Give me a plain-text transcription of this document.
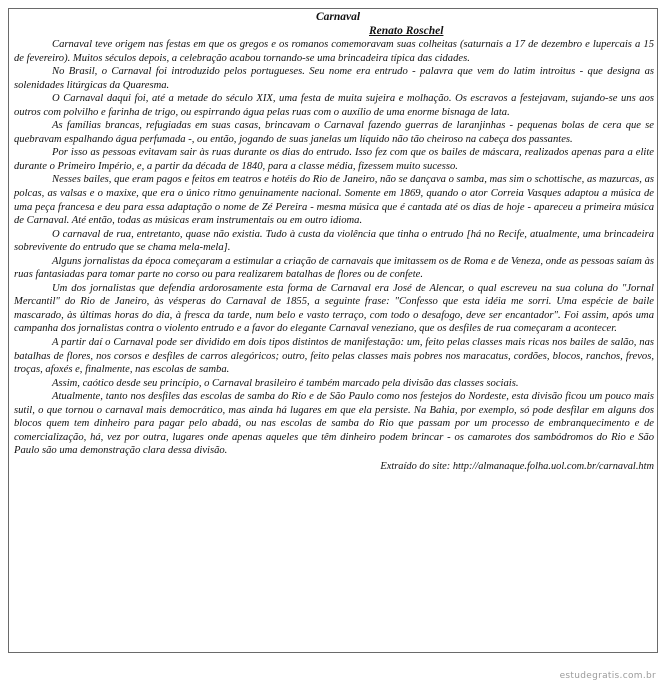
Carnaval

Renato Roschel

Carnaval teve origem nas festas em que os gregos e os romanos comemoravam suas colheitas (saturnais a 17 de dezembro e lupercais a 15 de fevereiro). Muitos séculos depois, a celebração acabou tornando-se uma brincadeira típica das cidades.

No Brasil, o Carnaval foi introduzido pelos portugueses. Seu nome era entrudo - palavra que vem do latim introitus - que designa as solenidades litúrgicas da Quaresma.

O Carnaval daqui foi, até a metade do século XIX, uma festa de muita sujeira e molhação. Os escravos a festejavam, sujando-se uns aos outros com polvilho e farinha de trigo, ou espirrando água pelas ruas com o auxílio de uma enorme bisnaga de lata.

As famílias brancas, refugiadas em suas casas, brincavam o Carnaval fazendo guerras de laranjinhas - pequenas bolas de cera que se quebravam espalhando água perfumada -, ou então, jogando de suas janelas um líquido não tão cheiroso na cabeça dos passantes.

Por isso as pessoas evitavam sair às ruas durante os dias do entrudo. Isso fez com que os bailes de máscara, realizados apenas para a elite durante o Primeiro Império, e, a partir da década de 1840, para a classe média, fizessem muito sucesso.

Nesses bailes, que eram pagos e feitos em teatros e hotéis do Rio de Janeiro, não se dançava o samba, mas sim o schottische, as mazurcas, as polcas, as valsas e o maxixe, que era o único ritmo genuinamente nacional. Somente em 1869, quando o ator Correia Vasques adaptou a música de uma peça francesa e deu para essa adaptação o nome de Zé Pereira - mesma música que é cantada até os dias de hoje - apareceu a primeira música de Carnaval. Até então, todas as músicas eram instrumentais ou em outro idioma.

O carnaval de rua, entretanto, quase não existia. Tudo à custa da violência que tinha o entrudo [há no Recife, atualmente, uma brincadeira sobrevivente do entrudo que se chama mela-mela].

Alguns jornalistas da época começaram a estimular a criação de carnavais que imitassem os de Roma e de Veneza, onde as pessoas saíam às ruas fantasiadas para tomar parte no corso ou para realizarem batalhas de flores ou de confete.

Um dos jornalistas que defendia ardorosamente esta forma de Carnaval era José de Alencar, o qual escreveu na sua coluna do "Jornal Mercantil" do Rio de Janeiro, às vésperas do Carnaval de 1855, a seguinte frase: "Confesso que esta idéia me sorri. Uma espécie de baile mascarado, às últimas horas do dia, à fresca da tarde, num belo e vasto terraço, com todo o desafogo, deve ser encantador". Foi assim, após uma campanha dos jornalistas contra o violento entrudo e a favor do elegante Carnaval veneziano, que os desfiles de rua começaram a acontecer.

A partir daí o Carnaval pode ser dividido em dois tipos distintos de manifestação: um, feito pelas classes mais ricas nos bailes de salão, nas batalhas de flores, nos corsos e desfiles de carros alegóricos; outro, feito pelas classes mais pobres nos maracatus, cordões, blocos, ranchos, frevos, troças, afoxés e, finalmente, nas escolas de samba.

Assim, caótico desde seu princípio, o Carnaval brasileiro é também marcado pela divisão das classes sociais.

Atualmente, tanto nos desfiles das escolas de samba do Rio e de São Paulo como nos festejos do Nordeste, esta divisão ficou um pouco mais sutil, o que tornou o carnaval mais democrático, mas ainda há lugares em que ela persiste. Na Bahia, por exemplo, só pode desfilar em alguns dos blocos quem tem dinheiro para pagar pelo abadá, ou nas escolas de samba do Rio que passam por um processo de embranquecimento e de comercialização, há, vez por outra, lugares onde apenas aqueles que têm dinheiro podem brincar - os camarotes dos sambódromos do Rio e São Paulo são uma demonstração clara dessa divisão.

Extraído do site: http://almanaque.folha.uol.com.br/carnaval.htm

estudegratis.com.br
